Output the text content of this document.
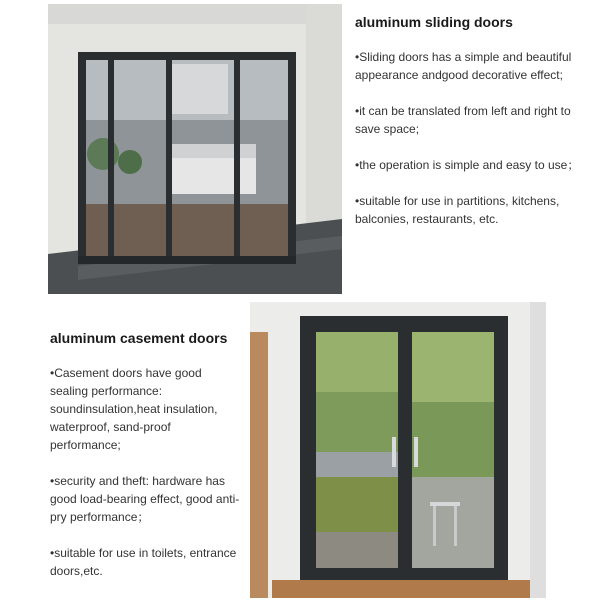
aluminum sliding doors

•Sliding doors has a simple and beautiful appearance andgood decorative effect;

•it can be translated from left and right to save space;

•the operation is simple and easy to use；

•suitable for use in partitions, kitchens, balconies, restaurants, etc.

aluminum casement doors

•Casement doors have good sealing performance: soundinsulation,heat insulation, waterproof, sand-proof performance;

•security and theft: hardware has good load-bearing effect, good anti-pry performance；

•suitable for use in toilets, entrance doors,etc.
